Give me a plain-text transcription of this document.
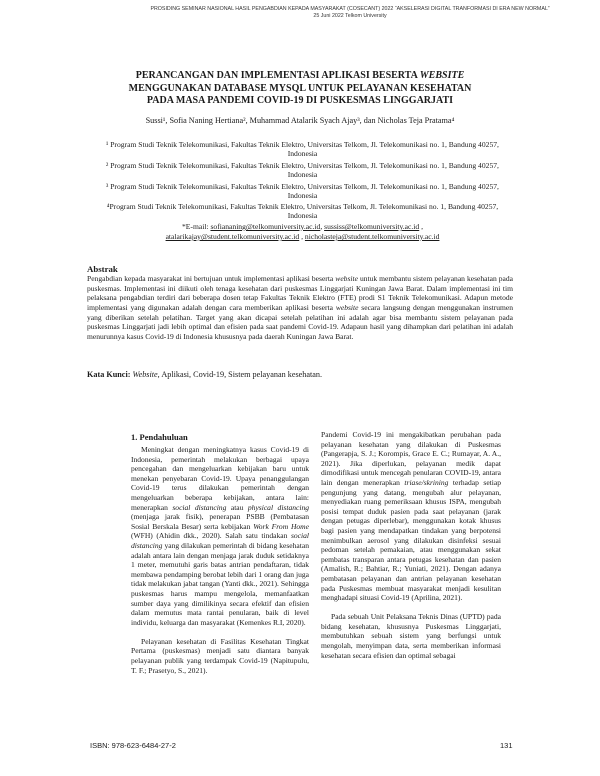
PROSIDING SEMINAR NASIONAL HASIL PENGABDIAN KEPADA MASYARAKAT (COSECANT) 2022 “AKSELERASI DIGITAL TRANFORMASI DI ERA NEW NORMAL”
25 Juni 2022 Telkom University
PERANCANGAN DAN IMPLEMENTASI APLIKASI BESERTA WEBSITE
MENGGUNAKAN DATABASE MYSQL UNTUK PELAYANAN KESEHATAN
PADA MASA PANDEMI COVID-19 DI PUSKESMAS LINGGARJATI
Sussi¹, Sofia Naning Hertiana², Muhammad Atalarik Syach Ajay³, dan Nicholas Teja Pratama⁴
¹ Program Studi Teknik Telekomunikasi, Fakultas Teknik Elektro, Universitas Telkom, Jl. Telekomunikasi no. 1, Bandung 40257, Indonesia
² Program Studi Teknik Telekomunikasi, Fakultas Teknik Elektro, Universitas Telkom, Jl. Telekomunikasi no. 1, Bandung 40257, Indonesia
³ Program Studi Teknik Telekomunikasi, Fakultas Teknik Elektro, Universitas Telkom, Jl. Telekomunikasi no. 1, Bandung 40257, Indonesia
⁴Program Studi Teknik Telekomunikasi, Fakultas Teknik Elektro, Universitas Telkom, Jl. Telekomunikasi no. 1, Bandung 40257, Indonesia
*E-mail: sofiananing@telkomuniversity.ac.id, sussiss@telkomuniversity.ac.id ,
atalarikajay@student.telkomuniversity.ac.id , nicholasteja@student.telkomuniversity.ac.id
Abstrak
Pengabdian kepada masyarakat ini bertujuan untuk implementasi aplikasi beserta website untuk membantu sistem pelayanan kesehatan pada puskesmas. Implementasi ini diikuti oleh tenaga kesehatan dari puskesmas Linggarjati Kuningan Jawa Barat. Dalam implementasi ini tim pelaksana pengabdian terdiri dari beberapa dosen tetap Fakultas Teknik Elektro (FTE) prodi S1 Teknik Telekomunikasi. Adapun metode implementasi yang digunakan adalah dengan cara memberikan aplikasi beserta website secara langsung dengan menggunakan instrumen yang diberikan setelah pelatihan. Target yang akan dicapai setelah pelatihan ini adalah agar bisa membantu sistem pelayanan pada puskesmas Linggarjati jadi lebih optimal dan efisien pada saat pandemi Covid-19. Adapaun hasil yang dihampkan dari pelatihan ini adalah menurunnya kasus Covid-19 di Indonesia khususnya pada daerah Kuningan Jawa Barat.
Kata Kunci: Website, Aplikasi, Covid-19, Sistem pelayanan kesehatan.
1. Pendahuluan

Meningkat dengan meningkatnya kasus Covid-19 di Indonesia, pemerintah melakukan berbagai upaya pencegahan dan mengeluarkan kebijakan baru untuk menekan penyebaran Covid-19. Upaya penanggulangan Covid-19 terus dilakukan pemerintah dengan mengeluarkan beberapa kebijakan, antara lain: menerapkan social distancing atau physical distancing (menjaga jarak fisik), penerapan PSBB (Pembatasan Sosial Berskala Besar) serta kebijakan Work From Home (WFH) (Ahidin dkk., 2020). Salah satu tindakan social distancing yang dilakukan pemerintah di bidang kesehatan adalah antara lain dengan menjaga jarak duduk setidaknya 1 meter, memutuhi garis batas antrian pendaftaran, tidak membawa pendamping berobat lebih dari 1 orang dan juga tidak melakukan jabat tangan (Yanti dkk., 2021). Sehingga puskesmas harus mampu mengelola, memanfaatkan sumber daya yang dimilikinya secara efektif dan efisien dalam memutus mata rantai penularan, baik di level individu, keluarga dan masyarakat (Kemenkes R.I, 2020).

Pelayanan kesehatan di Fasilitas Kesehatan Tingkat Pertama (puskesmas) menjadi satu diantara banyak pelayanan publik yang terdampak Covid-19 (Napitupulu, T. F.; Prasetyo, S., 2021).

Pandemi Covid-19 ini mengakibatkan perubahan pada pelayanan kesehatan yang dilakukan di Puskesmas (Pangerapja, S. J.; Korompis, Grace E. C.; Rumayar, A. A., 2021). Jika diperlukan, pelayanan medik dapat dimodifikasi untuk mencegah penularan COVID-19, antara lain dengan menerapkan triase/skrining terhadap setiap pengunjung yang datang, mengubah alur pelayanan, menyediakan ruang pemeriksaan khusus ISPA, mengubah posisi tempat duduk pasien pada saat pelayanan (jarak dengan petugas diperlebar), menggunakan kotak khusus bagi pasien yang mendapatkan tindakan yang berpotensi menimbulkan aerosol yang dilakukan disinfeksi sesuai pedoman setelah pemakaian, atau menggunakan sekat pembatas transparan antara petugas kesehatan dan pasien (Amalish, R.; Bahtiar, R.; Yuniati, 2021). Dengan adanya pembatasan pelayanan dan antrian pelayanan kesehatan pada Puskesmas membuat masyarakat menjadi kesulitan menghadapi situasi Covid-19 (Aprilina, 2021).

Pada sebuah Unit Pelaksana Teknis Dinas (UPTD) pada bidang kesehatan, khususnya Puskesmas Linggarjati, membutuhkan sebuah sistem yang berfungsi untuk mengolah, menyimpan data, serta memberikan informasi kesehatan secara efisien dan optimal sebagai

ISBN: 978-623-6484-27-2	131
